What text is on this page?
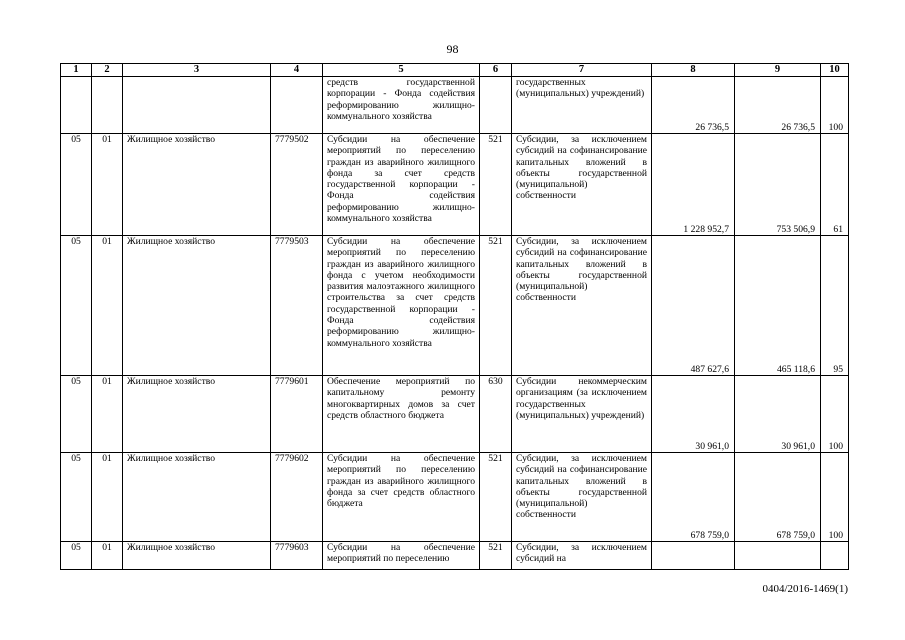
98
1	2	3	4	5	6	7	8	9	10
				средств государственной корпорации - Фонда содействия реформированию жилищно-коммунального хозяйства		государственных (муниципальных) учреждений)	26 736,5	26 736,5	100
05	01	Жилищное хозяйство	7779502	Субсидии на обеспечение мероприятий по переселению граждан из аварийного жилищного фонда за счет средств государственной корпорации - Фонда содействия реформированию жилищно-коммунального хозяйства	521	Субсидии, за исключением субсидий на софинансирование капитальных вложений в объекты государственной (муниципальной) собственности	1 228 952,7	753 506,9	61
05	01	Жилищное хозяйство	7779503	Субсидии на обеспечение мероприятий по переселению граждан из аварийного жилищного фонда с учетом необходимости развития малоэтажного жилищного строительства за счет средств государственной корпорации - Фонда содействия реформированию жилищно-коммунального хозяйства	521	Субсидии, за исключением субсидий на софинансирование капитальных вложений в объекты государственной (муниципальной) собственности	487 627,6	465 118,6	95
05	01	Жилищное хозяйство	7779601	Обеспечение мероприятий по капитальному ремонту многоквартирных домов за счет средств областного бюджета	630	Субсидии некоммерческим организациям (за исключением государственных (муниципальных) учреждений)	30 961,0	30 961,0	100
05	01	Жилищное хозяйство	7779602	Субсидии на обеспечение мероприятий по переселению граждан из аварийного жилищного фонда за счет средств областного бюджета	521	Субсидии, за исключением субсидий на софинансирование капитальных вложений в объекты государственной (муниципальной) собственности	678 759,0	678 759,0	100
05	01	Жилищное хозяйство	7779603	Субсидии на обеспечение мероприятий по переселению	521	Субсидии, за исключением субсидий на			
0404/2016-1469(1)
